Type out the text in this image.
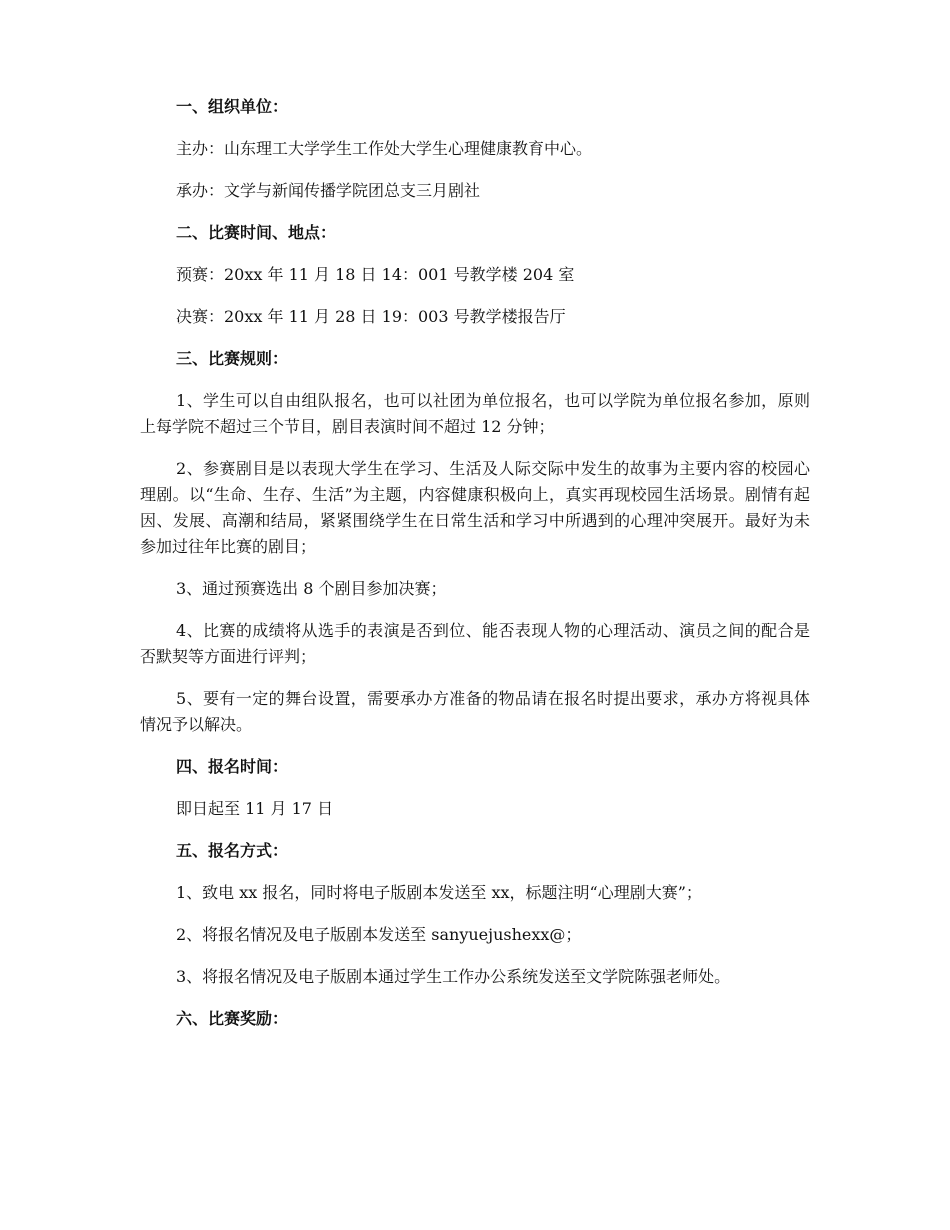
一、组织单位：

主办：山东理工大学学生工作处大学生心理健康教育中心。

承办：文学与新闻传播学院团总支三月剧社

二、比赛时间、地点：

预赛：20xx 年 11 月 18 日 14：001 号教学楼 204 室

决赛：20xx 年 11 月 28 日 19：003 号教学楼报告厅

三、比赛规则：

1、学生可以自由组队报名，也可以社团为单位报名，也可以学院为单位报名参加，原则上每学院不超过三个节目，剧目表演时间不超过 12 分钟；

2、参赛剧目是以表现大学生在学习、生活及人际交际中发生的故事为主要内容的校园心理剧。以“生命、生存、生活”为主题，内容健康积极向上，真实再现校园生活场景。剧情有起因、发展、高潮和结局，紧紧围绕学生在日常生活和学习中所遇到的心理冲突展开。最好为未参加过往年比赛的剧目；

3、通过预赛选出 8 个剧目参加决赛；

4、比赛的成绩将从选手的表演是否到位、能否表现人物的心理活动、演员之间的配合是否默契等方面进行评判；

5、要有一定的舞台设置，需要承办方准备的物品请在报名时提出要求，承办方将视具体情况予以解决。

四、报名时间：

即日起至 11 月 17 日

五、报名方式：

1、致电 xx 报名，同时将电子版剧本发送至 xx，标题注明“心理剧大赛”；

2、将报名情况及电子版剧本发送至 sanyuejushexx@；

3、将报名情况及电子版剧本通过学生工作办公系统发送至文学院陈强老师处。

六、比赛奖励：
